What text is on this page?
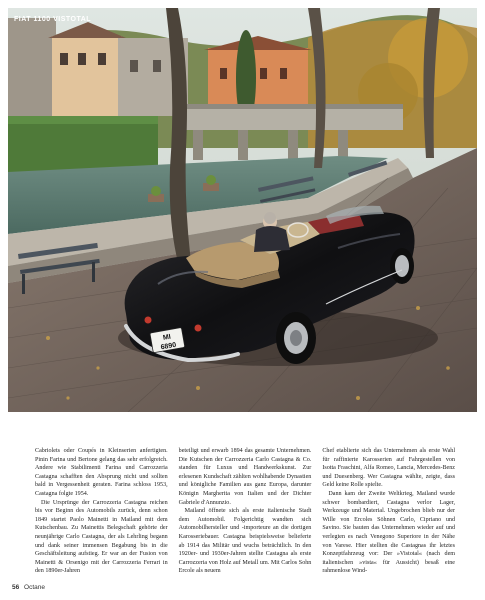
MI
6890
FIAT 1100 VISTOTAL

Cabriolets oder Coupés in Kleinserien anfertigten. Pinin Farina und Bertone gelang das sehr erfolgreich. Andere wie Stabilimenti Farina und Carrozzeria Castagna schafften den Absprung nicht und sollten bald in Vergessenheit geraten. Farina schloss 1953, Castagna folgte 1954.

Die Ursprünge der Carrozzeria Castagna reichen bis vor Beginn des Automobils zurück, denn schon 1849 startet Paolo Mainetti in Mailand mit dem Kutschenbau. Zu Mainettis Belegschaft gehörte der neunjährige Carlo Castagna, der als Lehrling begann und dank seiner immensen Begabung bis in die Geschäftsleitung aufstieg. Er war an der Fusion von Mainetti & Orsenigo mit der Carrozzeria Ferrari in den 1890er-Jahren

beteiligt und erwarb 1894 das gesamte Unternehmen. Die Kutschen der Carrozzeria Carlo Castagna & Co. standen für Luxus und Handwerkskunst. Zur erlesenen Kundschaft zählten wohlhabende Dynastien und königliche Familien aus ganz Europa, darunter Königin Margherita von Italien und der Dichter Gabriele d'Annunzio.

Mailand öffnete sich als erste italienische Stadt dem Automobil. Folgerichtig wandten sich Automobilhersteller und -importeure an die dortigen Karosseriebauer. Castagna beispielsweise belieferte ab 1914 das Militär und wuchs beträchtlich. In den 1920er- und 1930er-Jahren stellte Castagna als erste Carrozzeria von Holz auf Metall um. Mit Carlos Sohn Ercole als neuem

Chef etablierte sich das Unternehmen als erste Wahl für raffinierte Karosserien auf Fahrgestellen von Isotta Fraschini, Alfa Romeo, Lancia, Mercedes-Benz und Duesenberg. Wer Castagna wählte, zeigte, dass Geld keine Rolle spielte.

Dann kam der Zweite Weltkrieg, Mailand wurde schwer bombardiert, Castagna verlor Lager, Werkzeuge und Material. Ungebrochen blieb nur der Wille von Ercoles Söhnen Carlo, Cipriano und Savino. Sie bauten das Unternehmen wieder auf und verlegten es nach Venegono Superiore in der Nähe von Varese. Hier stellten die Castagnas ihr letztes Konzeptfahrzeug vor: Der »Vistotal« (nach dem italienischen »vista« für Aussicht) besaß eine rahmenlose Wind-

56 Octane
